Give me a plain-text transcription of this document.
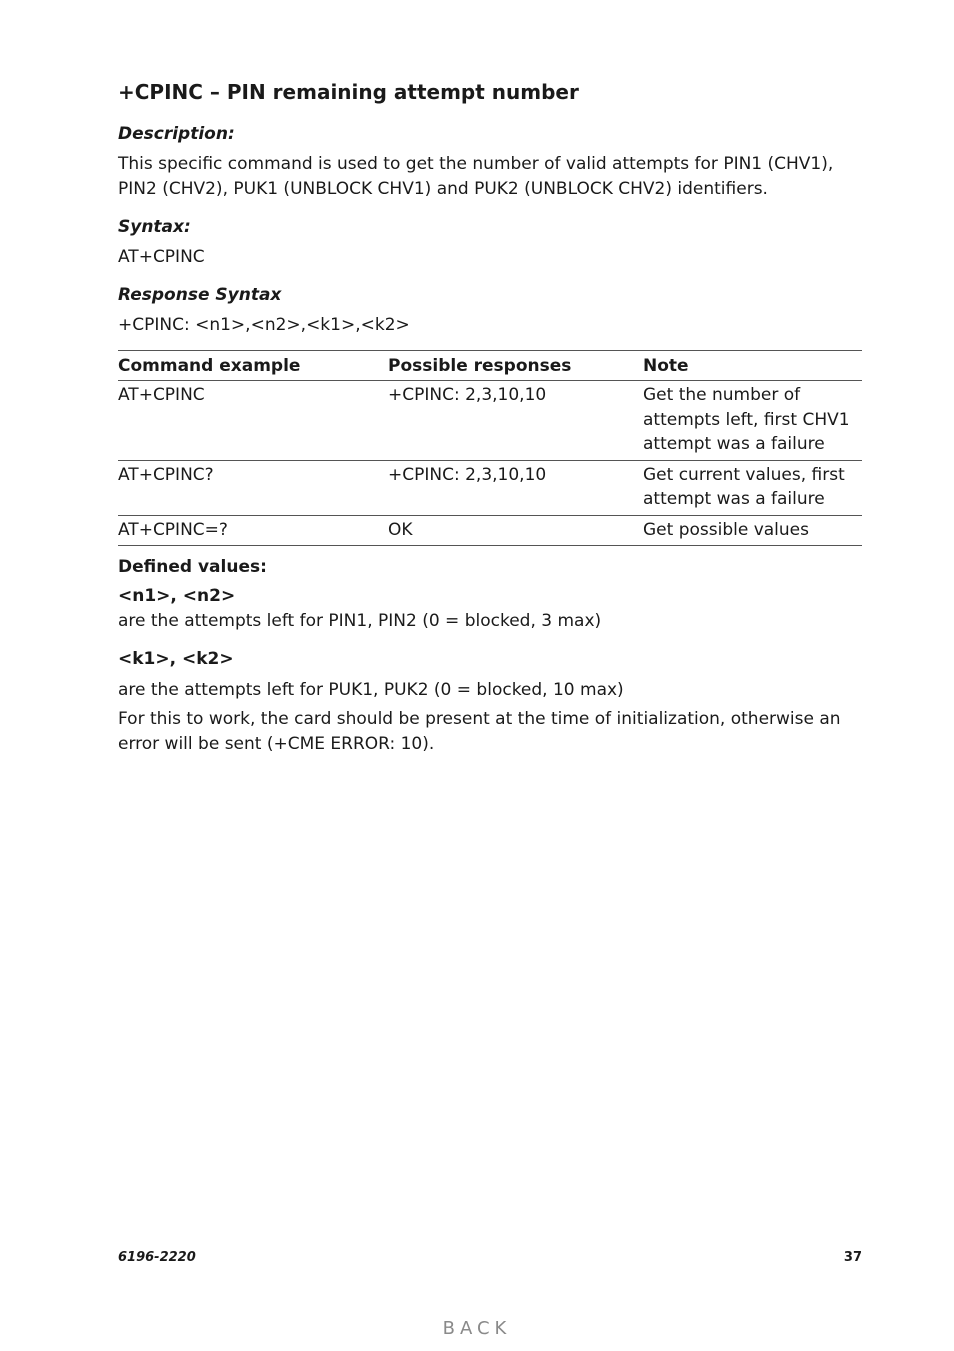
+CPINC – PIN remaining attempt number
Description:
This specific command is used to get the number of valid attempts for PIN1 (CHV1), PIN2 (CHV2), PUK1 (UNBLOCK CHV1) and PUK2 (UNBLOCK CHV2) identifiers.
Syntax:
AT+CPINC
Response Syntax
+CPINC: <n1>,<n2>,<k1>,<k2>
Command example	Possible responses	Note
AT+CPINC	+CPINC: 2,3,10,10	Get the number of attempts left, first CHV1 attempt was a failure
AT+CPINC?	+CPINC: 2,3,10,10	Get current values, first attempt was a failure
AT+CPINC=?	OK	Get possible values
Defined values:
<n1>, <n2>
are the attempts left for PIN1, PIN2 (0 = blocked, 3 max)
<k1>, <k2>
are the attempts left for PUK1, PUK2 (0 = blocked, 10 max)
For this to work, the card should be present at the time of initialization, otherwise an error will be sent (+CME ERROR: 10).
6196-2220	37
BACK
